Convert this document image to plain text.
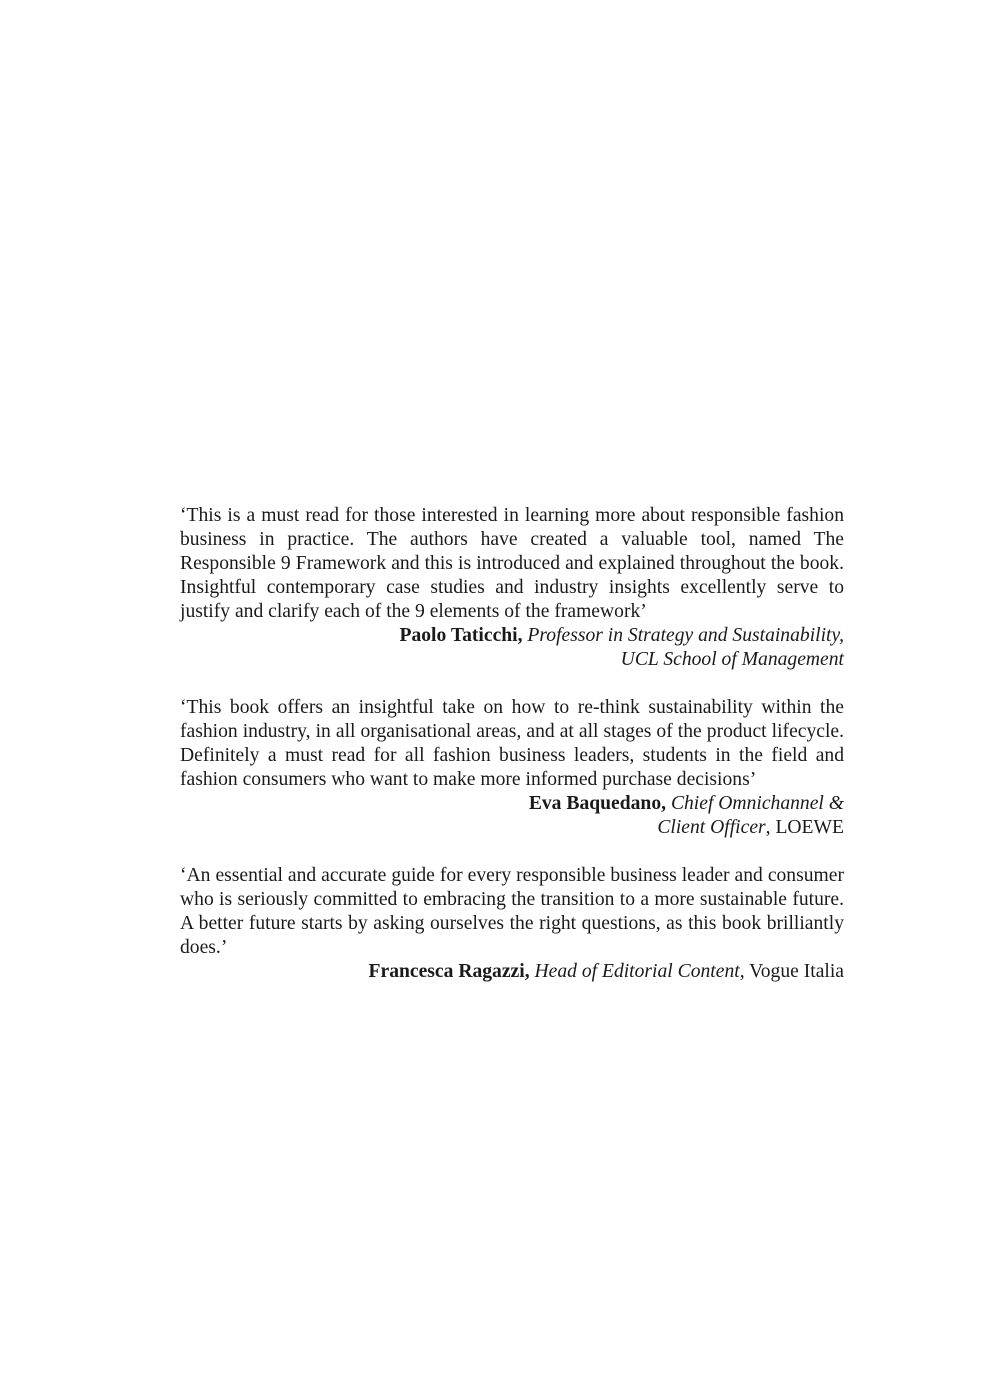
‘This is a must read for those interested in learning more about responsible fashion business in practice. The authors have created a valuable tool, named The Responsible 9 Framework and this is introduced and explained throughout the book. Insightful contemporary case studies and industry insights excellently serve to justify and clarify each of the 9 elements of the framework’

Paolo Taticchi, Professor in Strategy and Sustainability,
UCL School of Management

‘This book offers an insightful take on how to re-think sustainability within the fashion industry, in all organisational areas, and at all stages of the product lifecycle. Definitely a must read for all fashion business leaders, students in the field and fashion consumers who want to make more informed purchase decisions’

Eva Baquedano, Chief Omnichannel &
Client Officer, LOEWE

‘An essential and accurate guide for every responsible business leader and consumer who is seriously committed to embracing the transition to a more sustainable future. A better future starts by asking ourselves the right questions, as this book brilliantly does.’

Francesca Ragazzi, Head of Editorial Content, Vogue Italia
